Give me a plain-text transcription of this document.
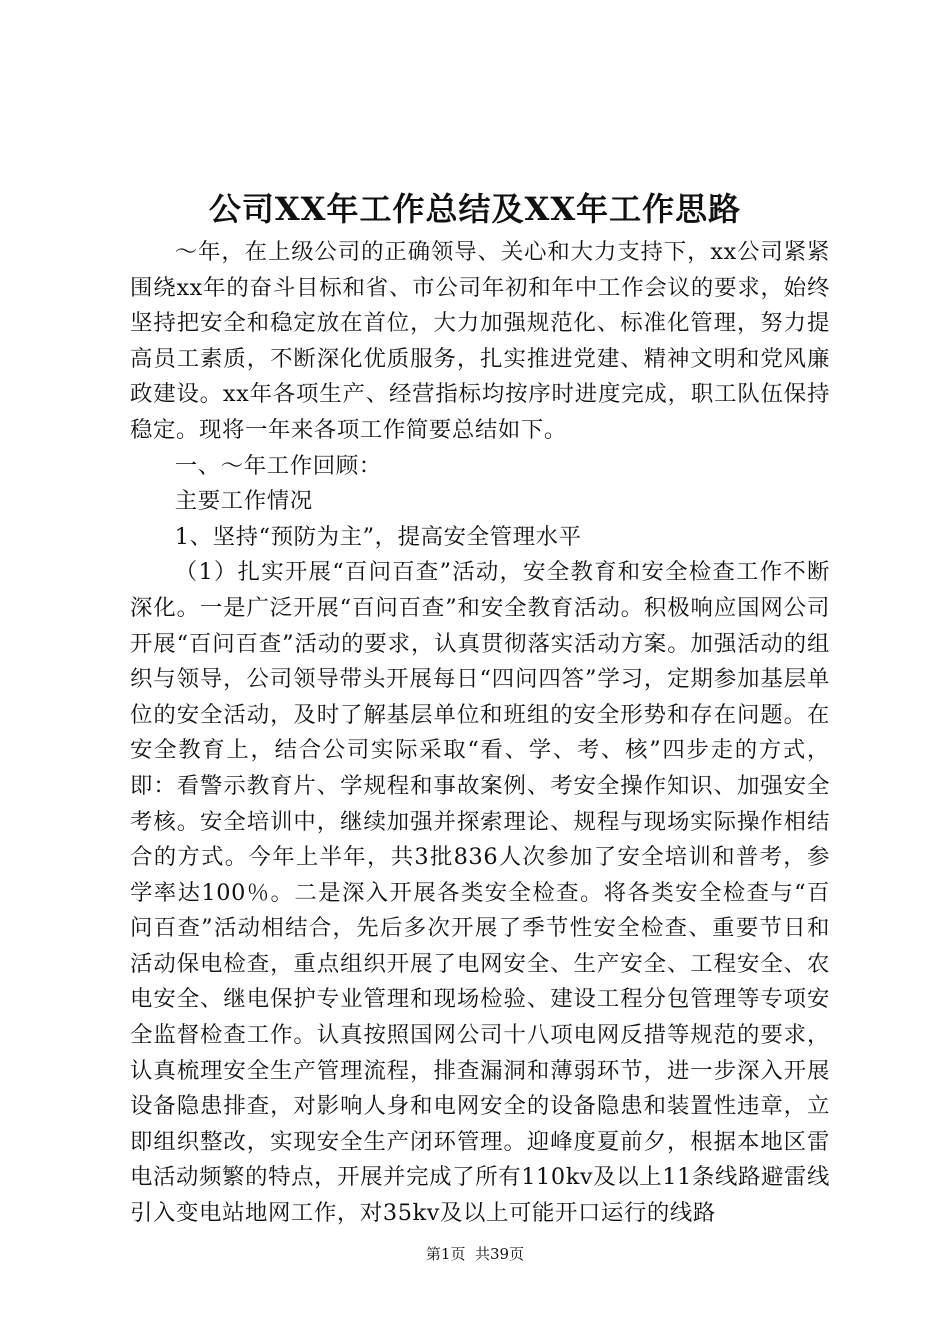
公司XX年工作总结及XX年工作思路

～年，在上级公司的正确领导、关心和大力支持下，xx公司紧紧围绕xx年的奋斗目标和省、市公司年初和年中工作会议的要求，始终坚持把安全和稳定放在首位，大力加强规范化、标准化管理，努力提高员工素质，不断深化优质服务，扎实推进党建、精神文明和党风廉政建设。xx年各项生产、经营指标均按序时进度完成，职工队伍保持稳定。现将一年来各项工作简要总结如下。

一、～年工作回顾：

主要工作情况

1、坚持“预防为主”，提高安全管理水平

（1）扎实开展“百问百查”活动，安全教育和安全检查工作不断深化。一是广泛开展“百问百查”和安全教育活动。积极响应国网公司开展“百问百查”活动的要求，认真贯彻落实活动方案。加强活动的组织与领导，公司领导带头开展每日“四问四答”学习，定期参加基层单位的安全活动，及时了解基层单位和班组的安全形势和存在问题。在安全教育上，结合公司实际采取“看、学、考、核”四步走的方式，即：看警示教育片、学规程和事故案例、考安全操作知识、加强安全考核。安全培训中，继续加强并探索理论、规程与现场实际操作相结合的方式。今年上半年，共3批836人次参加了安全培训和普考，参学率达100％。二是深入开展各类安全检查。将各类安全检查与“百问百查”活动相结合，先后多次开展了季节性安全检查、重要节日和活动保电检查，重点组织开展了电网安全、生产安全、工程安全、农电安全、继电保护专业管理和现场检验、建设工程分包管理等专项安全监督检查工作。认真按照国网公司十八项电网反措等规范的要求，认真梳理安全生产管理流程，排查漏洞和薄弱环节，进一步深入开展设备隐患排查，对影响人身和电网安全的设备隐患和装置性违章，立即组织整改，实现安全生产闭环管理。迎峰度夏前夕，根据本地区雷电活动频繁的特点，开展并完成了所有110kv及以上11条线路避雷线引入变电站地网工作，对35kv及以上可能开口运行的线路

第1页 共39页
